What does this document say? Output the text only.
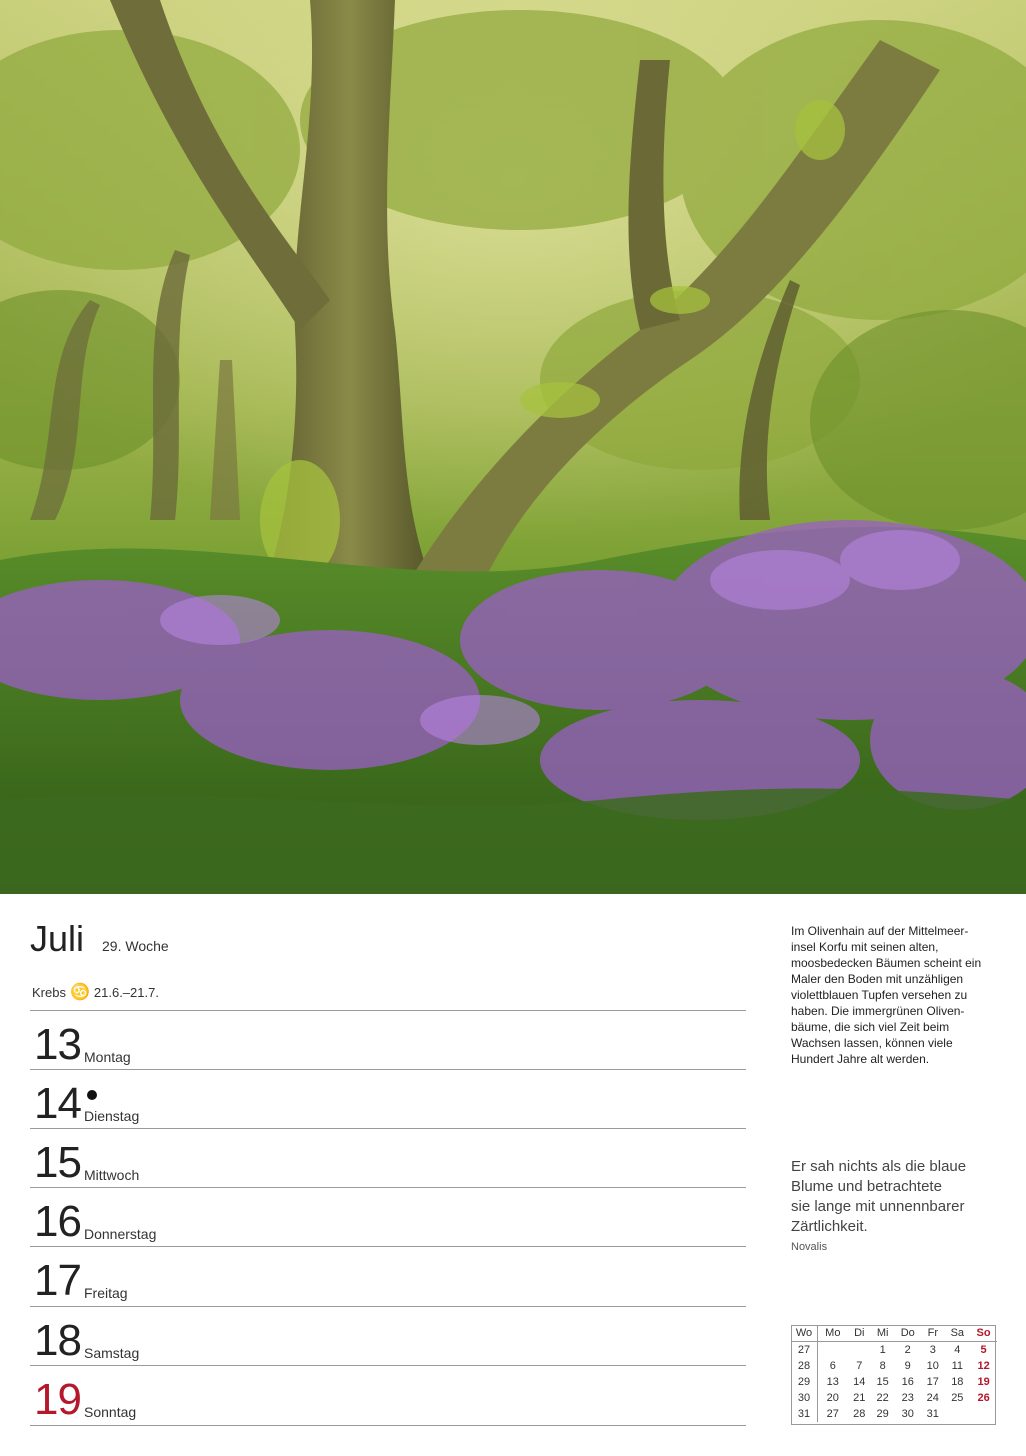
Juli 29. Woche
Krebs ♋ 21.6.–21.7.
13 Montag
14 Dienstag
15 Mittwoch
16 Donnerstag
17 Freitag
18 Samstag
19 Sonntag
Im Olivenhain auf der Mittelmeer-
insel Korfu mit seinen alten,
moosbedecken Bäumen scheint ein
Maler den Boden mit unzähligen
violettblauen Tupfen versehen zu
haben. Die immergrünen Oliven-
bäume, die sich viel Zeit beim
Wachsen lassen, können viele
Hundert Jahre alt werden.
Er sah nichts als die blaue
Blume und betrachtete
sie lange mit unnennbarer
Zärtlichkeit.
Novalis
Wo	Mo	Di	Mi	Do	Fr	Sa	So
27			1	2	3	4	5
28	6	7	8	9	10	11	12
29	13	14	15	16	17	18	19
30	20	21	22	23	24	25	26
31	27	28	29	30	31		
